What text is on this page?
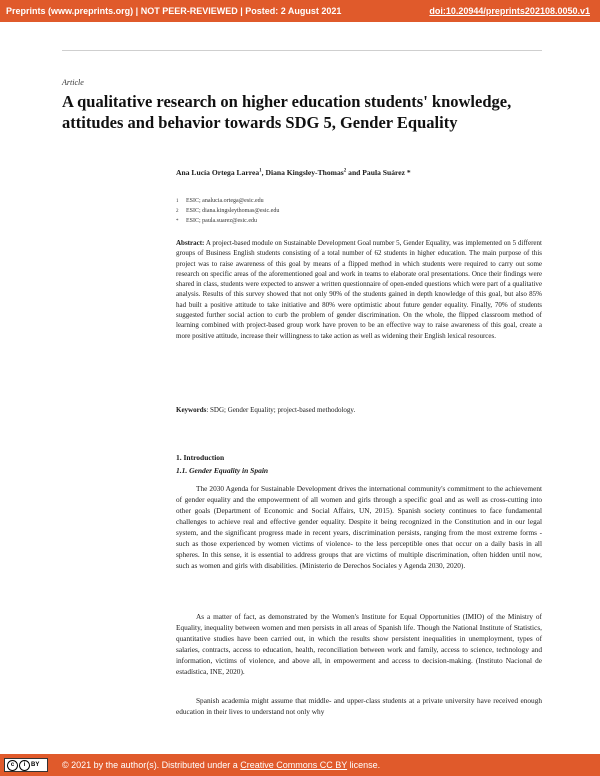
Preprints (www.preprints.org) | NOT PEER-REVIEWED | Posted: 2 August 2021	doi:10.20944/preprints202108.0050.v1
Article
A qualitative research on higher education students' knowledge, attitudes and behavior towards SDG 5, Gender Equality
Ana Lucía Ortega Larrea$^1$, Diana Kingsley-Thomas$^2$ and Paula Suárez *
1 ESIC; analucia.ortega@esic.edu
2 ESIC; diana.kingsleythomas@esic.edu
* ESIC; paula.suarez@esic.edu

Abstract: A project-based module on Sustainable Development Goal number 5, Gender Equality, was implemented on 5 different groups of Business English students consisting of a total number of 62 students in higher education. The main purpose of this project was to raise awareness of this goal by means of a flipped method in which students were required to carry out some research on specific areas of the aforementioned goal and work in teams to elaborate oral presentations. Once their findings were shared in class, students were expected to answer a written questionnaire of open-ended questions which were part of a qualitative analysis. Results of this survey showed that not only 90% of the students gained in depth knowledge of this goal, but also 85% had built a positive attitude to take initiative and 80% were optimistic about future gender equality. Finally, 70% of students suggested further social action to curb the problem of gender discrimination. On the whole, the flipped classroom method of learning combined with project-based group work have proven to be an effective way to raise awareness of this goal, create a more positive attitude, increase their willingness to take action as well as widening their English lexical resources.

Keywords: SDG; Gender Equality; project-based methodology.

1. Introduction
1.1. Gender Equality in Spain

The 2030 Agenda for Sustainable Development drives the international community's commitment to the achievement of gender equality and the empowerment of all women and girls through a specific goal and as well as cross-cutting into other goals (Department of Economic and Social Affairs, UN, 2015). Spanish society continues to face fundamental challenges to achieve real and effective gender equality. Despite it being recognized in the Constitution and in our legal system, and the significant progress made in recent years, discrimination persists, ranging from the most extreme forms -such as those experienced by women victims of violence- to the less perceptible ones that occur on a daily basis in all spheres. In this sense, it is essential to address groups that are victims of multiple discrimination, often hidden until now, such as women and girls with disabilities. (Ministerio de Derechos Sociales y Agenda 2030, 2020).

As a matter of fact, as demonstrated by the Women's Institute for Equal Opportunities (IMIO) of the Ministry of Equality, inequality between women and men persists in all areas of Spanish life. Though the National Institute of Statistics, quantitative studies have been carried out, in which the results show persistent inequalities in unemployment, types of salaries, contracts, access to education, health, reconciliation between work and family, access to science, technology and information, victims of violence, and above all, in empowerment and access to decision-making. (Instituto Nacional de estadística, INE, 2020).

Spanish academia might assume that middle- and upper-class students at a private university have received enough education in their lives to understand not only why

c	i BY	© 2021 by the author(s). Distributed under a Creative Commons CC BY license.
